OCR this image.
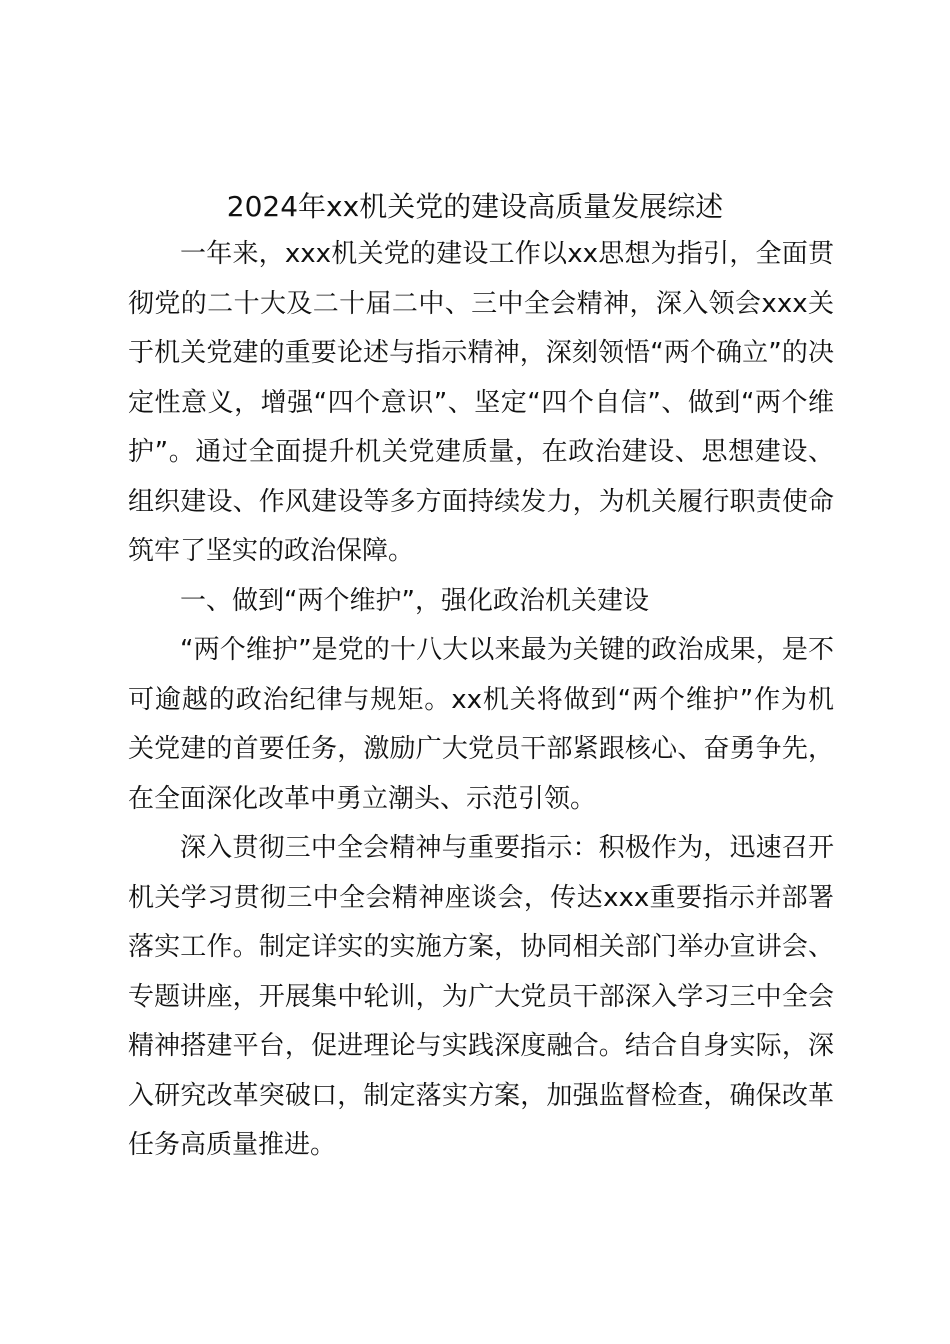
2024年xx机关党的建设高质量发展综述

一年来，xxx机关党的建设工作以xx思想为指引，全面贯彻党的二十大及二十届二中、三中全会精神，深入领会xxx关于机关党建的重要论述与指示精神，深刻领悟“两个确立”的决定性意义，增强“四个意识”、坚定“四个自信”、做到“两个维护”。通过全面提升机关党建质量，在政治建设、思想建设、组织建设、作风建设等多方面持续发力，为机关履行职责使命筑牢了坚实的政治保障。

一、做到“两个维护”，强化政治机关建设

“两个维护”是党的十八大以来最为关键的政治成果，是不可逾越的政治纪律与规矩。xx机关将做到“两个维护”作为机关党建的首要任务，激励广大党员干部紧跟核心、奋勇争先，在全面深化改革中勇立潮头、示范引领。

深入贯彻三中全会精神与重要指示：积极作为，迅速召开机关学习贯彻三中全会精神座谈会，传达xxx重要指示并部署落实工作。制定详实的实施方案，协同相关部门举办宣讲会、专题讲座，开展集中轮训，为广大党员干部深入学习三中全会精神搭建平台，促进理论与实践深度融合。结合自身实际，深入研究改革突破口，制定落实方案，加强监督检查，确保改革任务高质量推进。
